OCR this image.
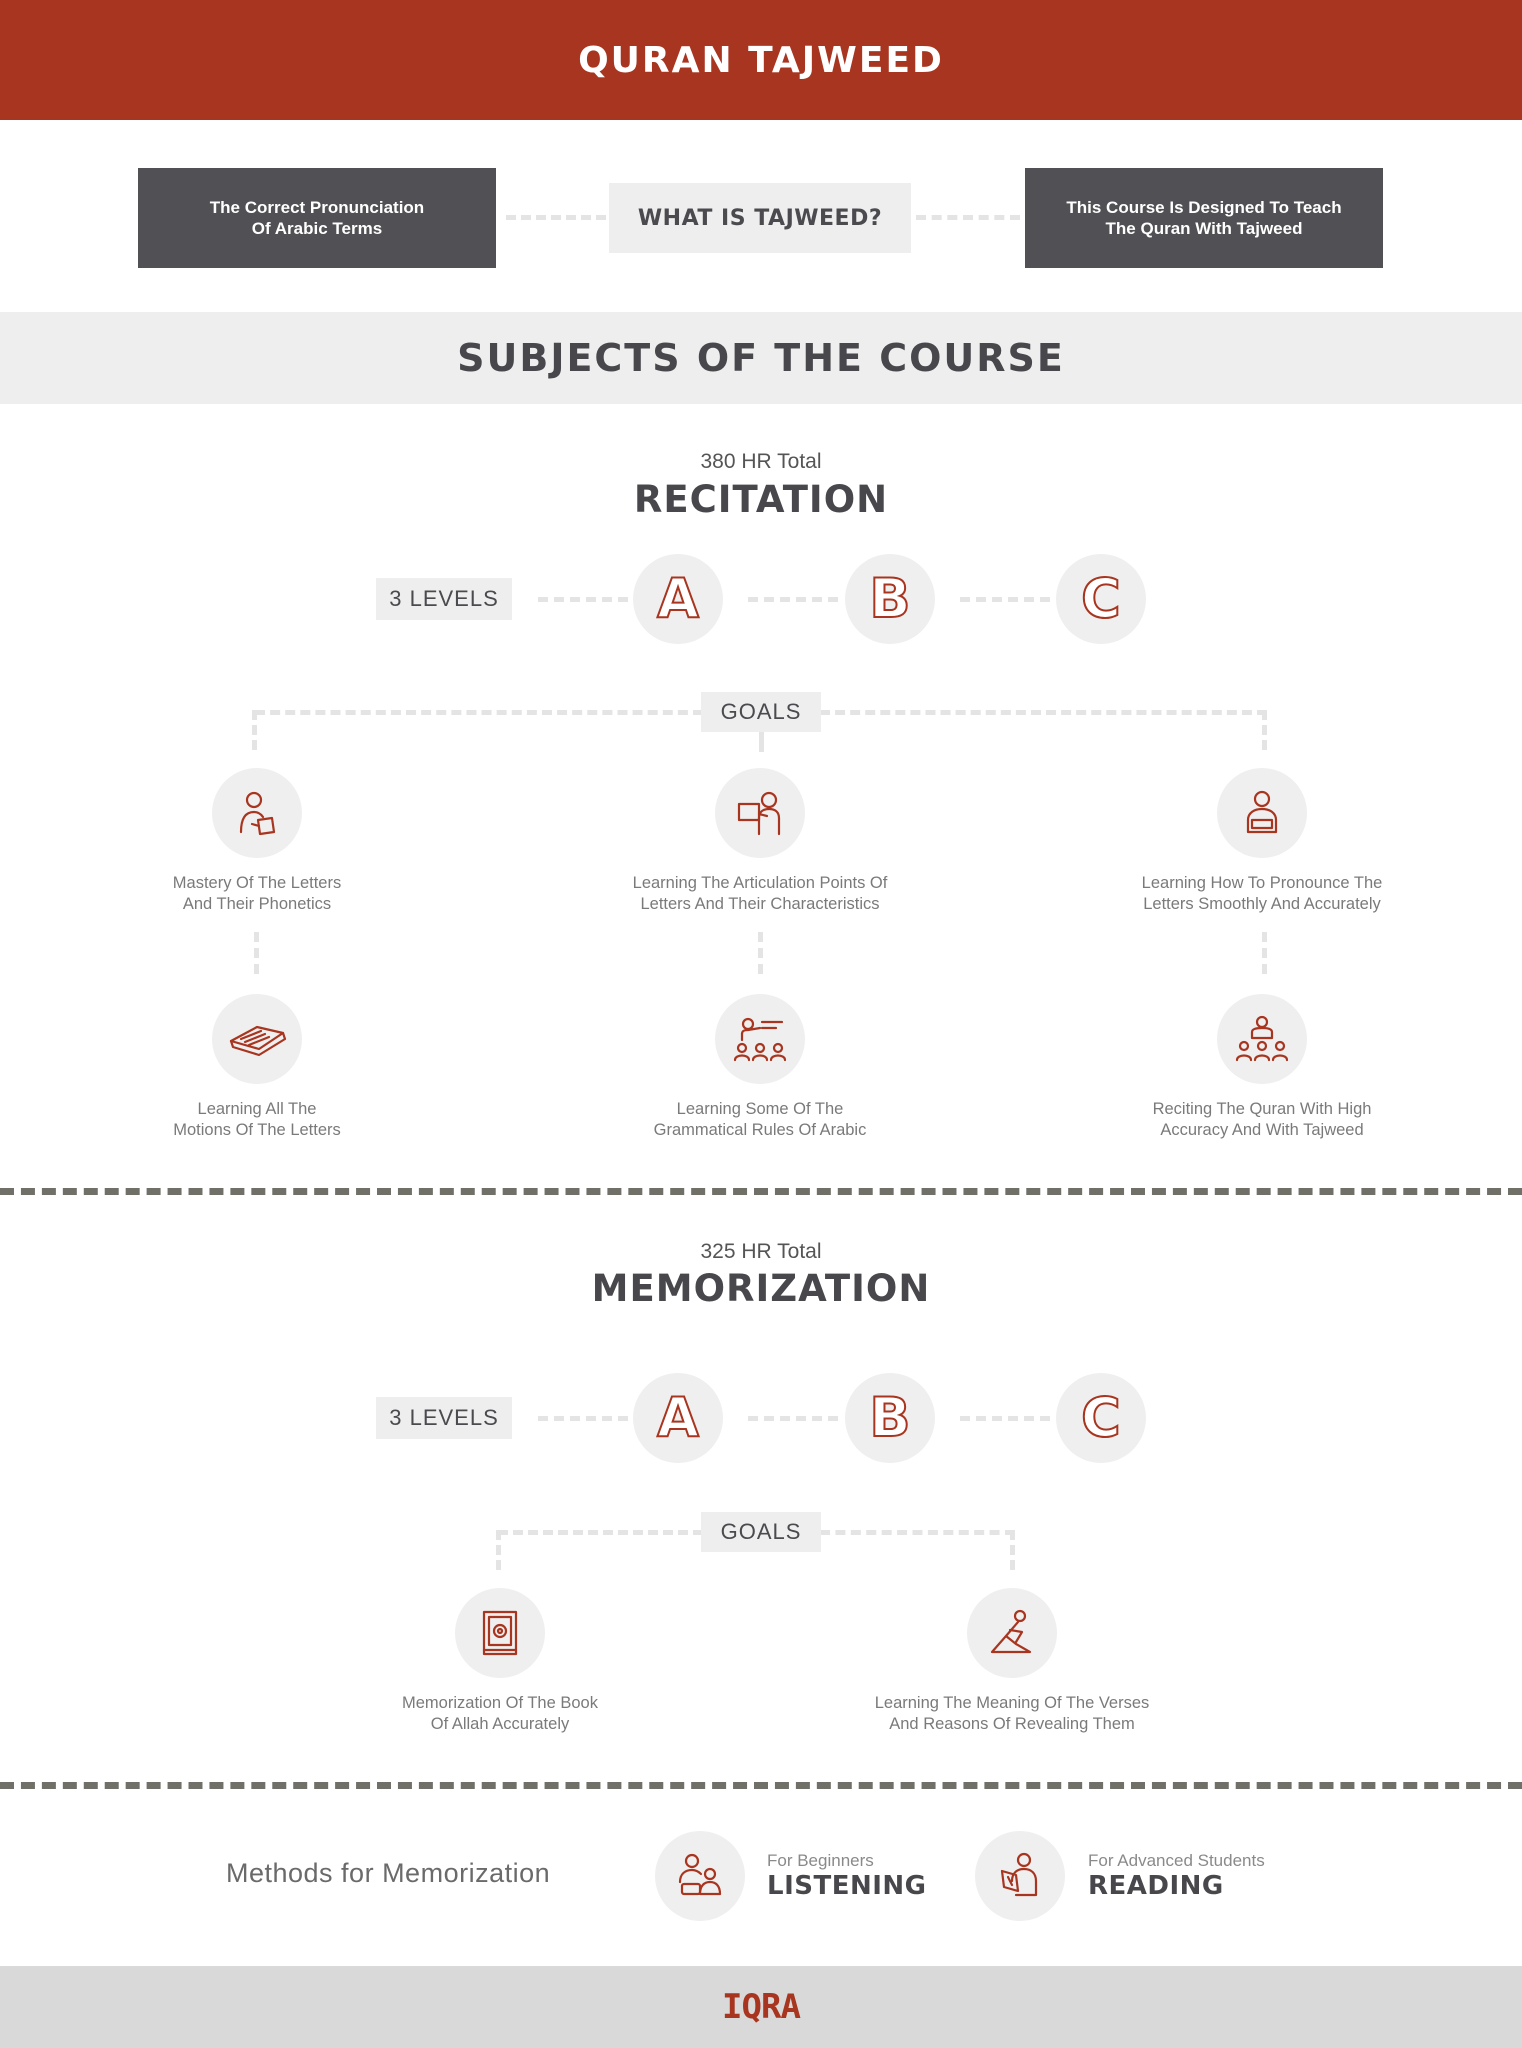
QURAN TAJWEED
The Correct Pronunciation
Of Arabic Terms	WHAT IS TAJWEED?	This Course Is Designed To Teach
The Quran With Tajweed
SUBJECTS OF THE COURSE
380 HR Total
RECITATION
3 LEVELS	A	B	C
GOALS
Mastery Of The Letters
And Their Phonetics
Learning The Articulation Points Of
Letters And Their Characteristics
Learning How To Pronounce The
Letters Smoothly And Accurately
Learning All The
Motions Of The Letters
Learning Some Of The
Grammatical Rules Of Arabic
Reciting The Quran With High
Accuracy And With Tajweed
325 HR Total
MEMORIZATION
3 LEVELS	A	B	C
GOALS
Memorization Of The Book
Of Allah Accurately
Learning The Meaning Of The Verses
And Reasons Of Revealing Them
Methods for Memorization	For Beginners
LISTENING
For Advanced Students
READING
IQRA
